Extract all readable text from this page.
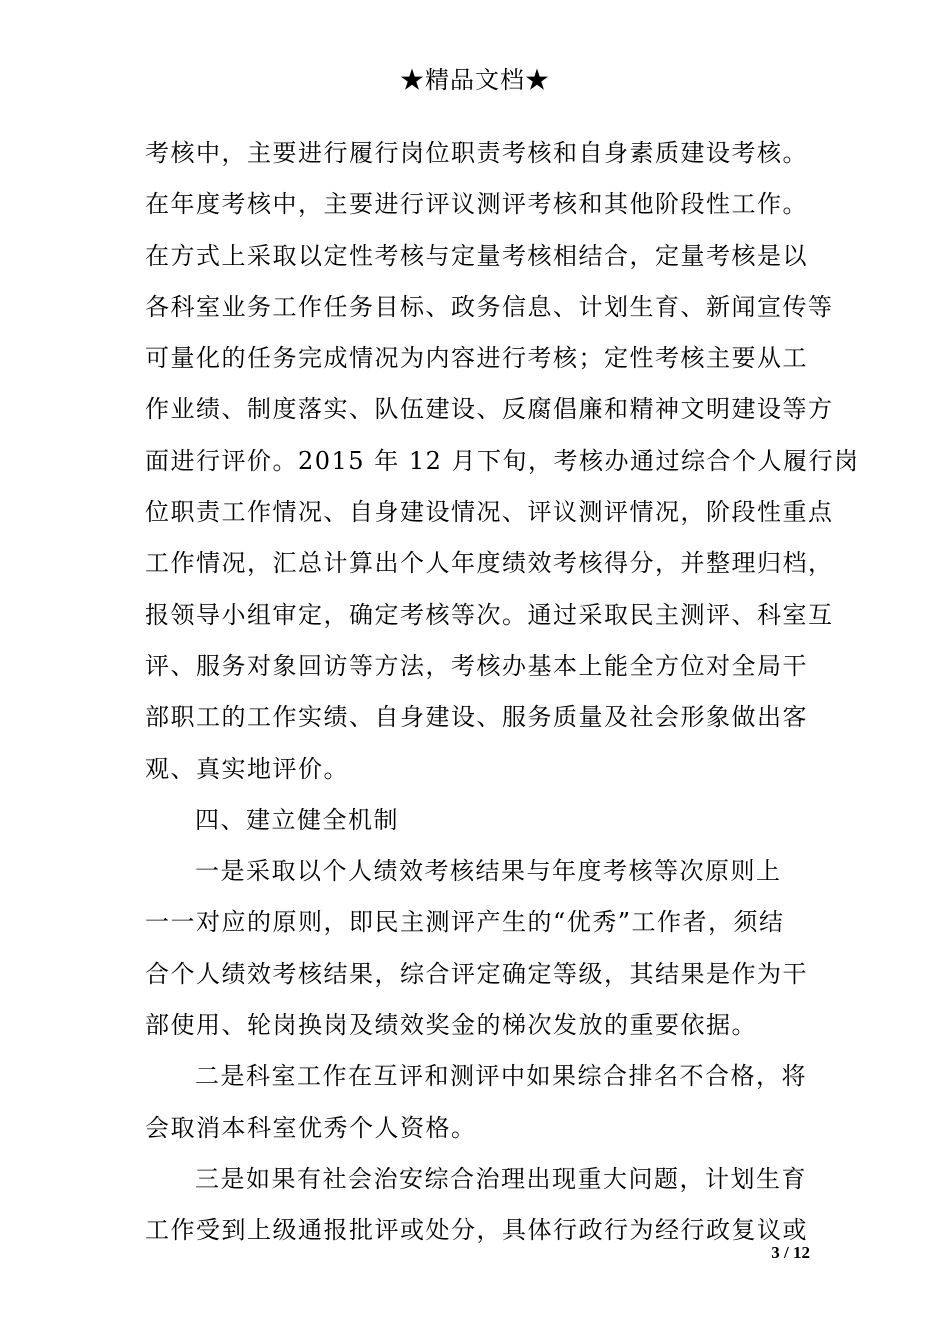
★精品文档★
考核中，主要进行履行岗位职责考核和自身素质建设考核。
在年度考核中，主要进行评议测评考核和其他阶段性工作。
在方式上采取以定性考核与定量考核相结合，定量考核是以
各科室业务工作任务目标、政务信息、计划生育、新闻宣传等
可量化的任务完成情况为内容进行考核；定性考核主要从工
作业绩、制度落实、队伍建设、反腐倡廉和精神文明建设等方
面进行评价。2015 年 12 月下旬，考核办通过综合个人履行岗
位职责工作情况、自身建设情况、评议测评情况，阶段性重点
工作情况，汇总计算出个人年度绩效考核得分，并整理归档，
报领导小组审定，确定考核等次。通过采取民主测评、科室互
评、服务对象回访等方法，考核办基本上能全方位对全局干
部职工的工作实绩、自身建设、服务质量及社会形象做出客
观、真实地评价。
四、建立健全机制
一是采取以个人绩效考核结果与年度考核等次原则上
一一对应的原则，即民主测评产生的“优秀”工作者，须结
合个人绩效考核结果，综合评定确定等级，其结果是作为干
部使用、轮岗换岗及绩效奖金的梯次发放的重要依据。
二是科室工作在互评和测评中如果综合排名不合格，将
会取消本科室优秀个人资格。
三是如果有社会治安综合治理出现重大问题，计划生育
工作受到上级通报批评或处分，具体行政行为经行政复议或
3 / 12
